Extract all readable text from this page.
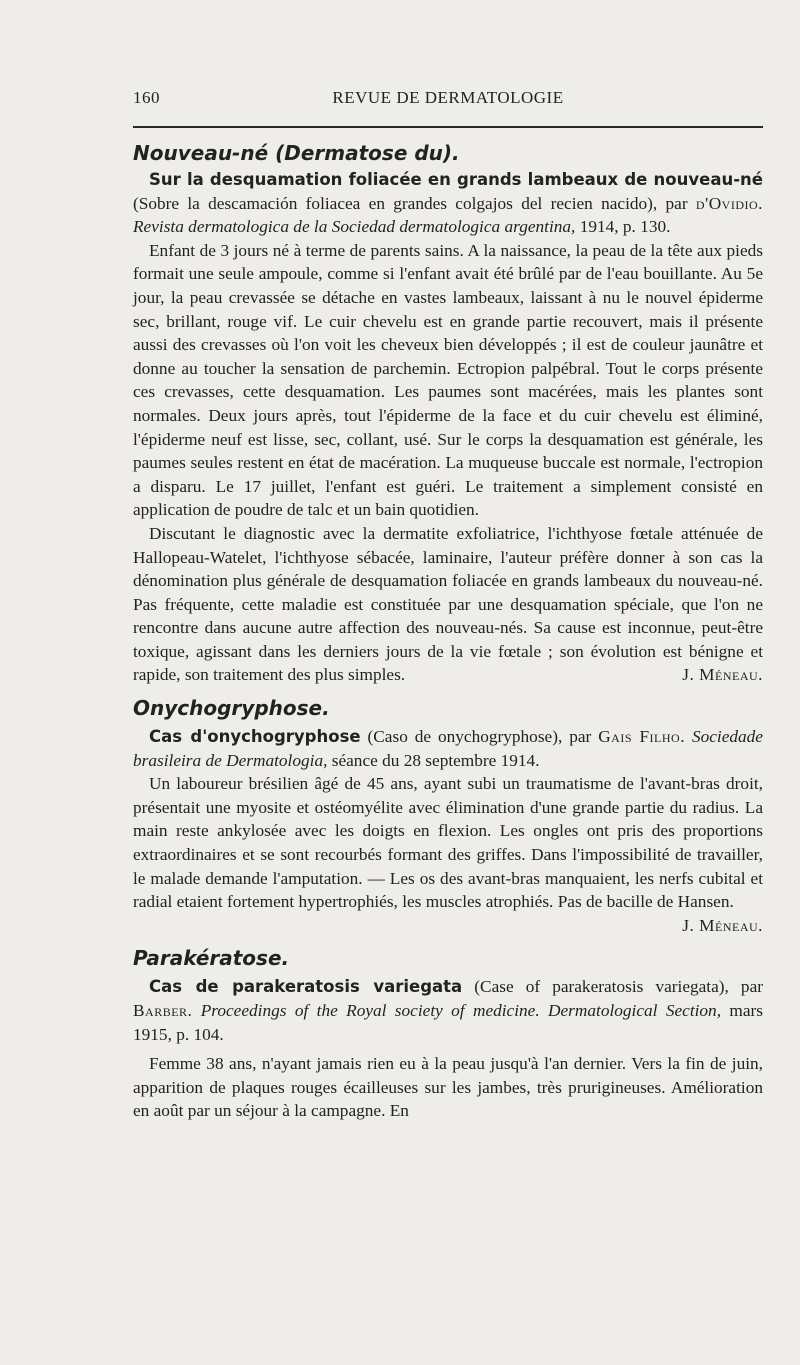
160	REVUE DE DERMATOLOGIE
Nouveau-né (Dermatose du).

Sur la desquamation foliacée en grands lambeaux de nouveau-né (Sobre la descamación foliacea en grandes colgajos del recien nacido), par d'Ovidio. Revista dermatologica de la Sociedad dermatologica argentina, 1914, p. 130.

Enfant de 3 jours né à terme de parents sains. A la naissance, la peau de la tête aux pieds formait une seule ampoule, comme si l'enfant avait été brûlé par de l'eau bouillante. Au 5e jour, la peau crevassée se détache en vastes lambeaux, laissant à nu le nouvel épiderme sec, brillant, rouge vif. Le cuir chevelu est en grande partie recouvert, mais il présente aussi des crevasses où l'on voit les cheveux bien développés ; il est de couleur jaunâtre et donne au toucher la sensation de parchemin. Ectropion palpébral. Tout le corps présente ces crevasses, cette desquamation. Les paumes sont macérées, mais les plantes sont normales. Deux jours après, tout l'épiderme de la face et du cuir chevelu est éliminé, l'épiderme neuf est lisse, sec, collant, usé. Sur le corps la desquamation est générale, les paumes seules restent en état de macération. La muqueuse buccale est normale, l'ectropion a disparu. Le 17 juillet, l'enfant est guéri. Le traitement a simplement consisté en application de poudre de talc et un bain quotidien.

Discutant le diagnostic avec la dermatite exfoliatrice, l'ichthyose fœtale atténuée de Hallopeau-Watelet, l'ichthyose sébacée, laminaire, l'auteur préfère donner à son cas la dénomination plus générale de desquamation foliacée en grands lambeaux du nouveau-né. Pas fréquente, cette maladie est constituée par une desquamation spéciale, que l'on ne rencontre dans aucune autre affection des nouveau-nés. Sa cause est inconnue, peut-être toxique, agissant dans les derniers jours de la vie fœtale ; son évolution est bénigne et rapide, son traitement des plus simples.	J. Méneau.

Onychogryphose.

Cas d'onychogryphose (Caso de onychogryphose), par Gais Filho. Sociedade brasileira de Dermatologia, séance du 28 septembre 1914.

Un laboureur brésilien âgé de 45 ans, ayant subi un traumatisme de l'avant-bras droit, présentait une myosite et ostéomyélite avec élimination d'une grande partie du radius. La main reste ankylosée avec les doigts en flexion. Les ongles ont pris des proportions extraordinaires et se sont recourbés formant des griffes. Dans l'impossibilité de travailler, le malade demande l'amputation. — Les os des avant-bras manquaient, les nerfs cubital et radial etaient fortement hypertrophiés, les muscles atrophiés. Pas de bacille de Hansen.
J. Méneau.

Parakératose.

Cas de parakeratosis variegata (Case of parakeratosis variegata), par Barber. Proceedings of the Royal society of medicine. Dermatological Section, mars 1915, p. 104.

Femme 38 ans, n'ayant jamais rien eu à la peau jusqu'à l'an dernier. Vers la fin de juin, apparition de plaques rouges écailleuses sur les jambes, très prurigineuses. Amélioration en août par un séjour à la campagne. En
